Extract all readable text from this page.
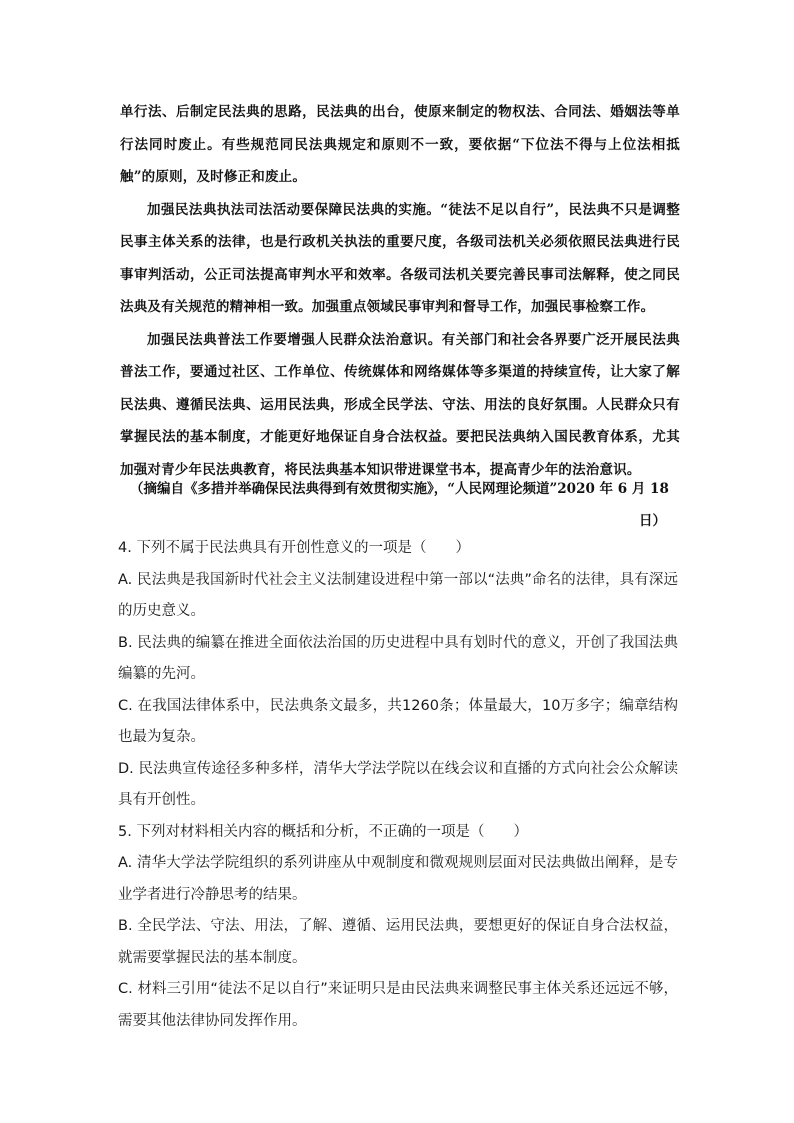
单行法、后制定民法典的思路，民法典的出台，使原来制定的物权法、合同法、婚姻法等单行法同时废止。有些规范同民法典规定和原则不一致，要依据“下位法不得与上位法相抵触”的原则，及时修正和废止。

加强民法典执法司法活动要保障民法典的实施。“徒法不足以自行”，民法典不只是调整民事主体关系的法律，也是行政机关执法的重要尺度，各级司法机关必须依照民法典进行民事审判活动，公正司法提高审判水平和效率。各级司法机关要完善民事司法解释，使之同民法典及有关规范的精神相一致。加强重点领域民事审判和督导工作，加强民事检察工作。

加强民法典普法工作要增强人民群众法治意识。有关部门和社会各界要广泛开展民法典普法工作，要通过社区、工作单位、传统媒体和网络媒体等多渠道的持续宣传，让大家了解民法典、遵循民法典、运用民法典，形成全民学法、守法、用法的良好氛围。人民群众只有掌握民法的基本制度，才能更好地保证自身合法权益。要把民法典纳入国民教育体系，尤其加强对青少年民法典教育，将民法典基本知识带进课堂书本，提高青少年的法治意识。

（摘编自《多措并举确保民法典得到有效贯彻实施》，“人民网理论频道”2020 年 6 月 18
日）

4. 下列不属于民法典具有开创性意义的一项是（　　）

A. 民法典是我国新时代社会主义法制建设进程中第一部以“法典”命名的法律，具有深远的历史意义。

B. 民法典的编纂在推进全面依法治国的历史进程中具有划时代的意义，开创了我国法典编纂的先河。

C. 在我国法律体系中，民法典条文最多，共1260条；体量最大，10万多字；编章结构也最为复杂。

D. 民法典宣传途径多种多样，清华大学法学院以在线会议和直播的方式向社会公众解读具有开创性。

5. 下列对材料相关内容的概括和分析，不正确的一项是（　　）

A. 清华大学法学院组织的系列讲座从中观制度和微观规则层面对民法典做出阐释，是专业学者进行冷静思考的结果。

B. 全民学法、守法、用法，了解、遵循、运用民法典，要想更好的保证自身合法权益，就需要掌握民法的基本制度。

C. 材料三引用“徒法不足以自行”来证明只是由民法典来调整民事主体关系还远远不够，需要其他法律协同发挥作用。
